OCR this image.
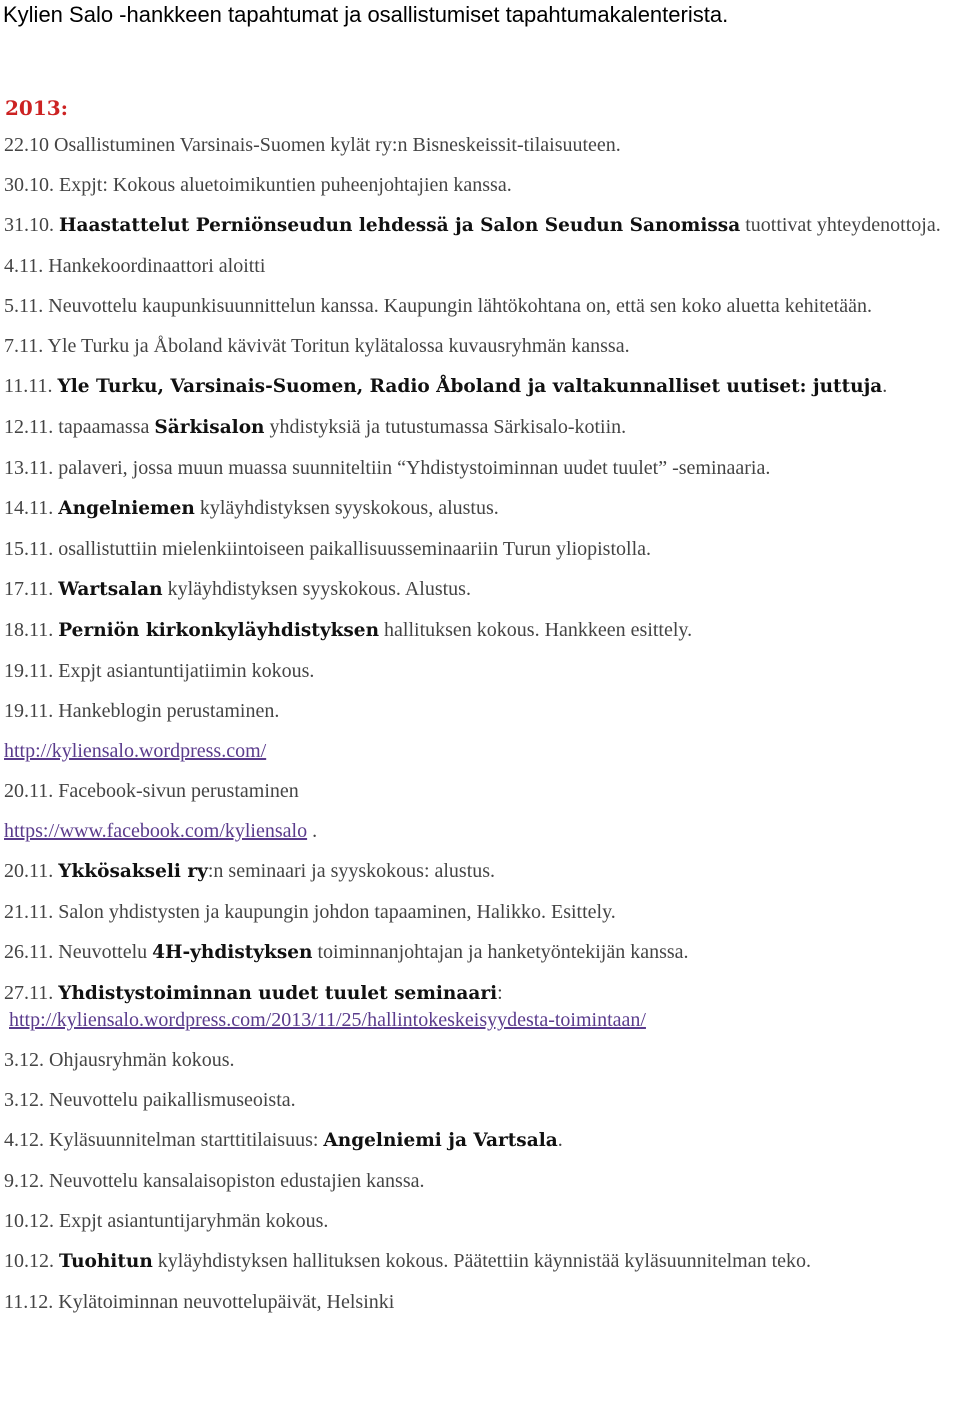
Kylien Salo -hankkeen tapahtumat ja osallistumiset tapahtumakalenterista.
2013:

22.10 Osallistuminen Varsinais-Suomen kylät ry:n Bisneskeissit-tilaisuuteen.

30.10. Expjt: Kokous aluetoimikuntien puheenjohtajien kanssa.

31.10. Haastattelut Perniönseudun lehdessä ja Salon Seudun Sanomissa tuottivat yhteydenottoja.

4.11. Hankekoordinaattori aloitti

5.11. Neuvottelu kaupunkisuunnittelun kanssa. Kaupungin lähtökohtana on, että sen koko aluetta kehitetään.

7.11. Yle Turku ja Åboland kävivät Toritun kylätalossa kuvausryhmän kanssa.

11.11. Yle Turku, Varsinais-Suomen, Radio Åboland ja valtakunnalliset uutiset: juttuja.

12.11. tapaamassa Särkisalon yhdistyksiä ja tutustumassa Särkisalo-kotiin.

13.11. palaveri, jossa muun muassa suunniteltiin “Yhdistystoiminnan uudet tuulet” -seminaaria.

14.11. Angelniemen kyläyhdistyksen syyskokous, alustus.

15.11. osallistuttiin mielenkiintoiseen paikallisuusseminaariin Turun yliopistolla.

17.11. Wartsalan kyläyhdistyksen syyskokous. Alustus.

18.11. Perniön kirkonkyläyhdistyksen hallituksen kokous. Hankkeen esittely.

19.11. Expjt asiantuntijatiimin kokous.

19.11. Hankeblogin perustaminen.

http://kyliensalo.wordpress.com/

20.11. Facebook-sivun perustaminen

https://www.facebook.com/kyliensalo .

20.11. Ykkösakseli ry:n seminaari ja syyskokous: alustus.

21.11. Salon yhdistysten ja kaupungin johdon tapaaminen, Halikko. Esittely.

26.11. Neuvottelu 4H-yhdistyksen toiminnanjohtajan ja hanketyöntekijän kanssa.

27.11. Yhdistystoiminnan uudet tuulet seminaari:

http://kyliensalo.wordpress.com/2013/11/25/hallintokeskeisyydesta-toimintaan/

3.12. Ohjausryhmän kokous.

3.12. Neuvottelu paikallismuseoista.

4.12. Kyläsuunnitelman starttitilaisuus: Angelniemi ja Vartsala.

9.12. Neuvottelu kansalaisopiston edustajien kanssa.

10.12. Expjt asiantuntijaryhmän kokous.

10.12. Tuohitun kyläyhdistyksen hallituksen kokous. Päätettiin käynnistää kyläsuunnitelman teko.

11.12. Kylätoiminnan neuvottelupäivät, Helsinki
